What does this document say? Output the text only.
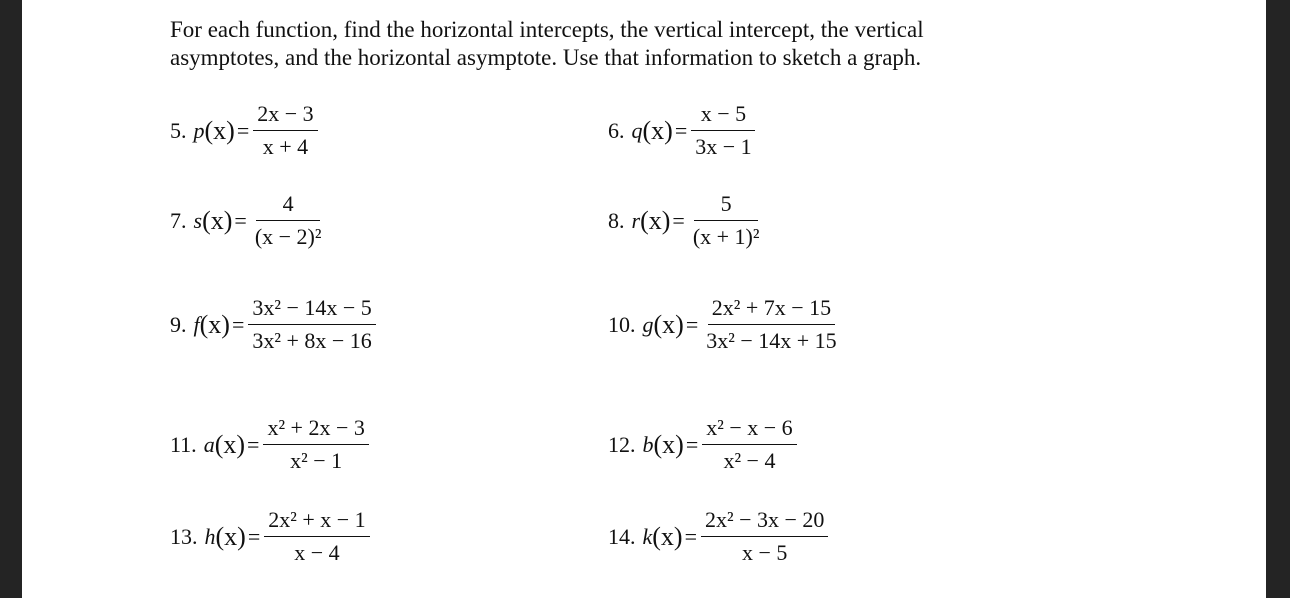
For each function, find the horizontal intercepts, the vertical intercept, the vertical asymptotes, and the horizontal asymptote. Use that information to sketch a graph.
5. p $(x) = \frac{2x - 3}{x + 4}$	6. q $(x) = \frac{x - 5}{3x - 1}$
7. s $(x) = \frac{4}{\text{(x − 2)²}}$	8. r $(x) = \frac{5}{\text{(x + 1)²}}$
9. f $(x) = \frac{\text{3x² − 14x − 5}}{\text{3x² + 8x − 16}}$	10. g $(x) = \frac{\text{2x² + 7x − 15}}{\text{3x² − 14x + 15}}$
11. a $(x) = \frac{\text{x² + 2x − 3}}{\text{x² − 1}}$	12. b $(x) = \frac{\text{x² − x − 6}}{\text{x² − 4}}$
13. h $(x) = \frac{\text{2x² + x − 1}}{x - 4}$	14. k $(x) = \frac{\text{2x² − 3x − 20}}{x - 5}$
